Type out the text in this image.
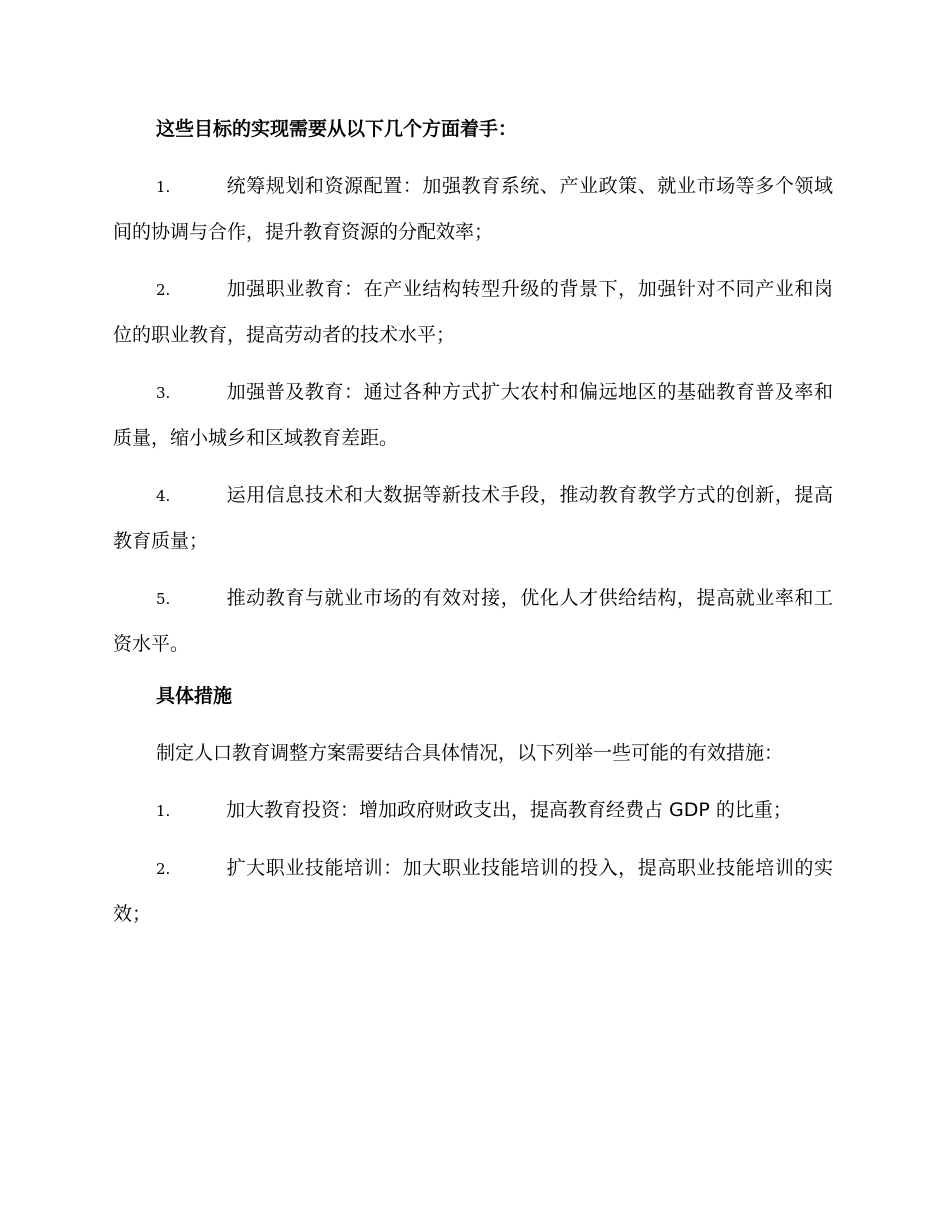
这些目标的实现需要从以下几个方面着手：
1.	统筹规划和资源配置：加强教育系统、产业政策、就业市场等多个领域间的协调与合作，提升教育资源的分配效率；
2.	加强职业教育：在产业结构转型升级的背景下，加强针对不同产业和岗位的职业教育，提高劳动者的技术水平；
3.	加强普及教育：通过各种方式扩大农村和偏远地区的基础教育普及率和质量，缩小城乡和区域教育差距。
4.	运用信息技术和大数据等新技术手段，推动教育教学方式的创新，提高教育质量；
5.	推动教育与就业市场的有效对接，优化人才供给结构，提高就业率和工资水平。
具体措施
制定人口教育调整方案需要结合具体情况，以下列举一些可能的有效措施：
1.	加大教育投资：增加政府财政支出，提高教育经费占 GDP 的比重；
2.	扩大职业技能培训：加大职业技能培训的投入，提高职业技能培训的实效；
